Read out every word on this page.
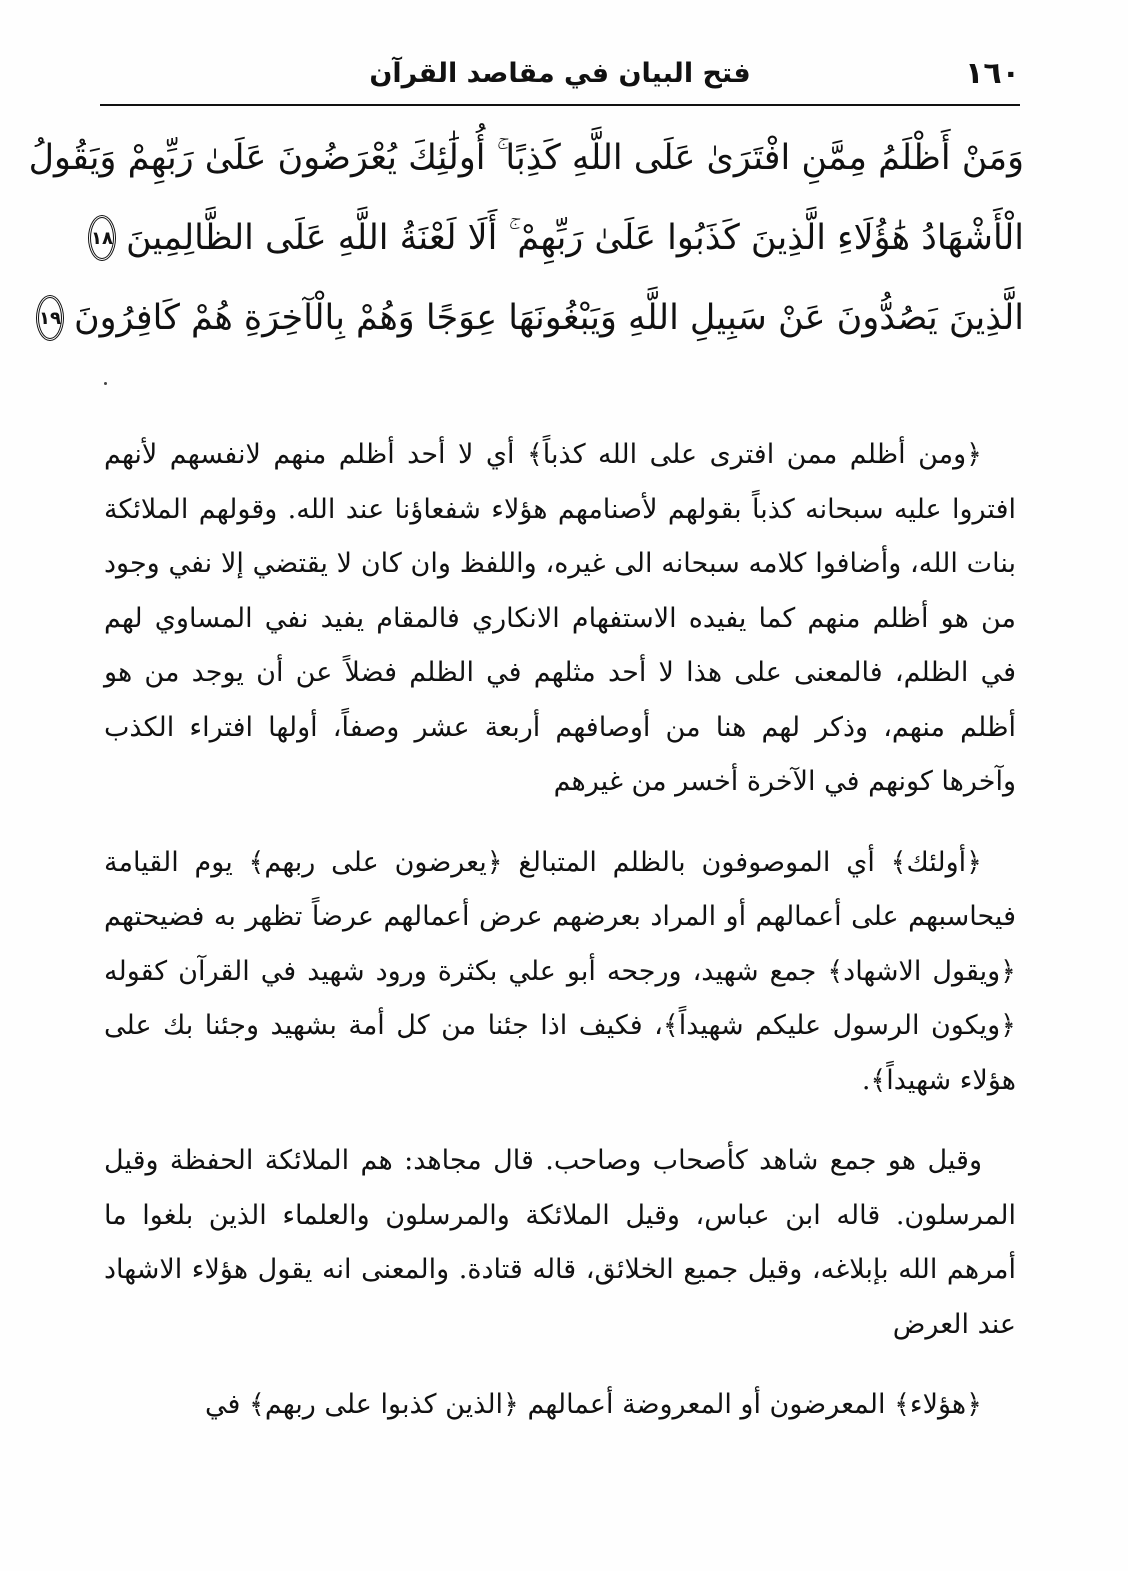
١٦٠
فتح البيان في مقاصد القرآن
وَمَنْ أَظْلَمُ مِمَّنِ افْتَرَىٰ عَلَى اللَّهِ كَذِبًا ۚ أُولَٰئِكَ يُعْرَضُونَ عَلَىٰ رَبِّهِمْ وَيَقُولُ
الْأَشْهَادُ هَٰؤُلَاءِ الَّذِينَ كَذَبُوا عَلَىٰ رَبِّهِمْ ۚ أَلَا لَعْنَةُ اللَّهِ عَلَى الظَّالِمِينَ
١٨
الَّذِينَ يَصُدُّونَ عَنْ سَبِيلِ اللَّهِ وَيَبْغُونَهَا عِوَجًا وَهُمْ بِالْآخِرَةِ هُمْ كَافِرُونَ
١٩

﴿ومن أظلم ممن افترى على الله كذباً﴾ أي لا أحد أظلم منهم لانفسهم لأنهم افتروا عليه سبحانه كذباً بقولهم لأصنامهم هؤلاء شفعاؤنا عند الله. وقولهم الملائكة بنات الله، وأضافوا كلامه سبحانه الى غيره، واللفظ وان كان لا يقتضي إلا نفي وجود من هو أظلم منهم كما يفيده الاستفهام الانكاري فالمقام يفيد نفي المساوي لهم في الظلم، فالمعنى على هذا لا أحد مثلهم في الظلم فضلاً عن أن يوجد من هو أظلم منهم، وذكر لهم هنا من أوصافهم أربعة عشر وصفاً، أولها افتراء الكذب وآخرها كونهم في الآخرة أخسر من غيرهم

﴿أولئك﴾ أي الموصوفون بالظلم المتبالغ ﴿يعرضون على ربهم﴾ يوم القيامة فيحاسبهم على أعمالهم أو المراد بعرضهم عرض أعمالهم عرضاً تظهر به فضيحتهم ﴿ويقول الاشهاد﴾ جمع شهيد، ورجحه أبو علي بكثرة ورود شهيد في القرآن كقوله ﴿ويكون الرسول عليكم شهيداً﴾، فكيف اذا جئنا من كل أمة بشهيد وجئنا بك على هؤلاء شهيداً﴾.

وقيل هو جمع شاهد كأصحاب وصاحب. قال مجاهد: هم الملائكة الحفظة وقيل المرسلون. قاله ابن عباس، وقيل الملائكة والمرسلون والعلماء الذين بلغوا ما أمرهم الله بإبلاغه، وقيل جميع الخلائق، قاله قتادة. والمعنى انه يقول هؤلاء الاشهاد عند العرض

﴿هؤلاء﴾ المعرضون أو المعروضة أعمالهم ﴿الذين كذبوا على ربهم﴾ في
